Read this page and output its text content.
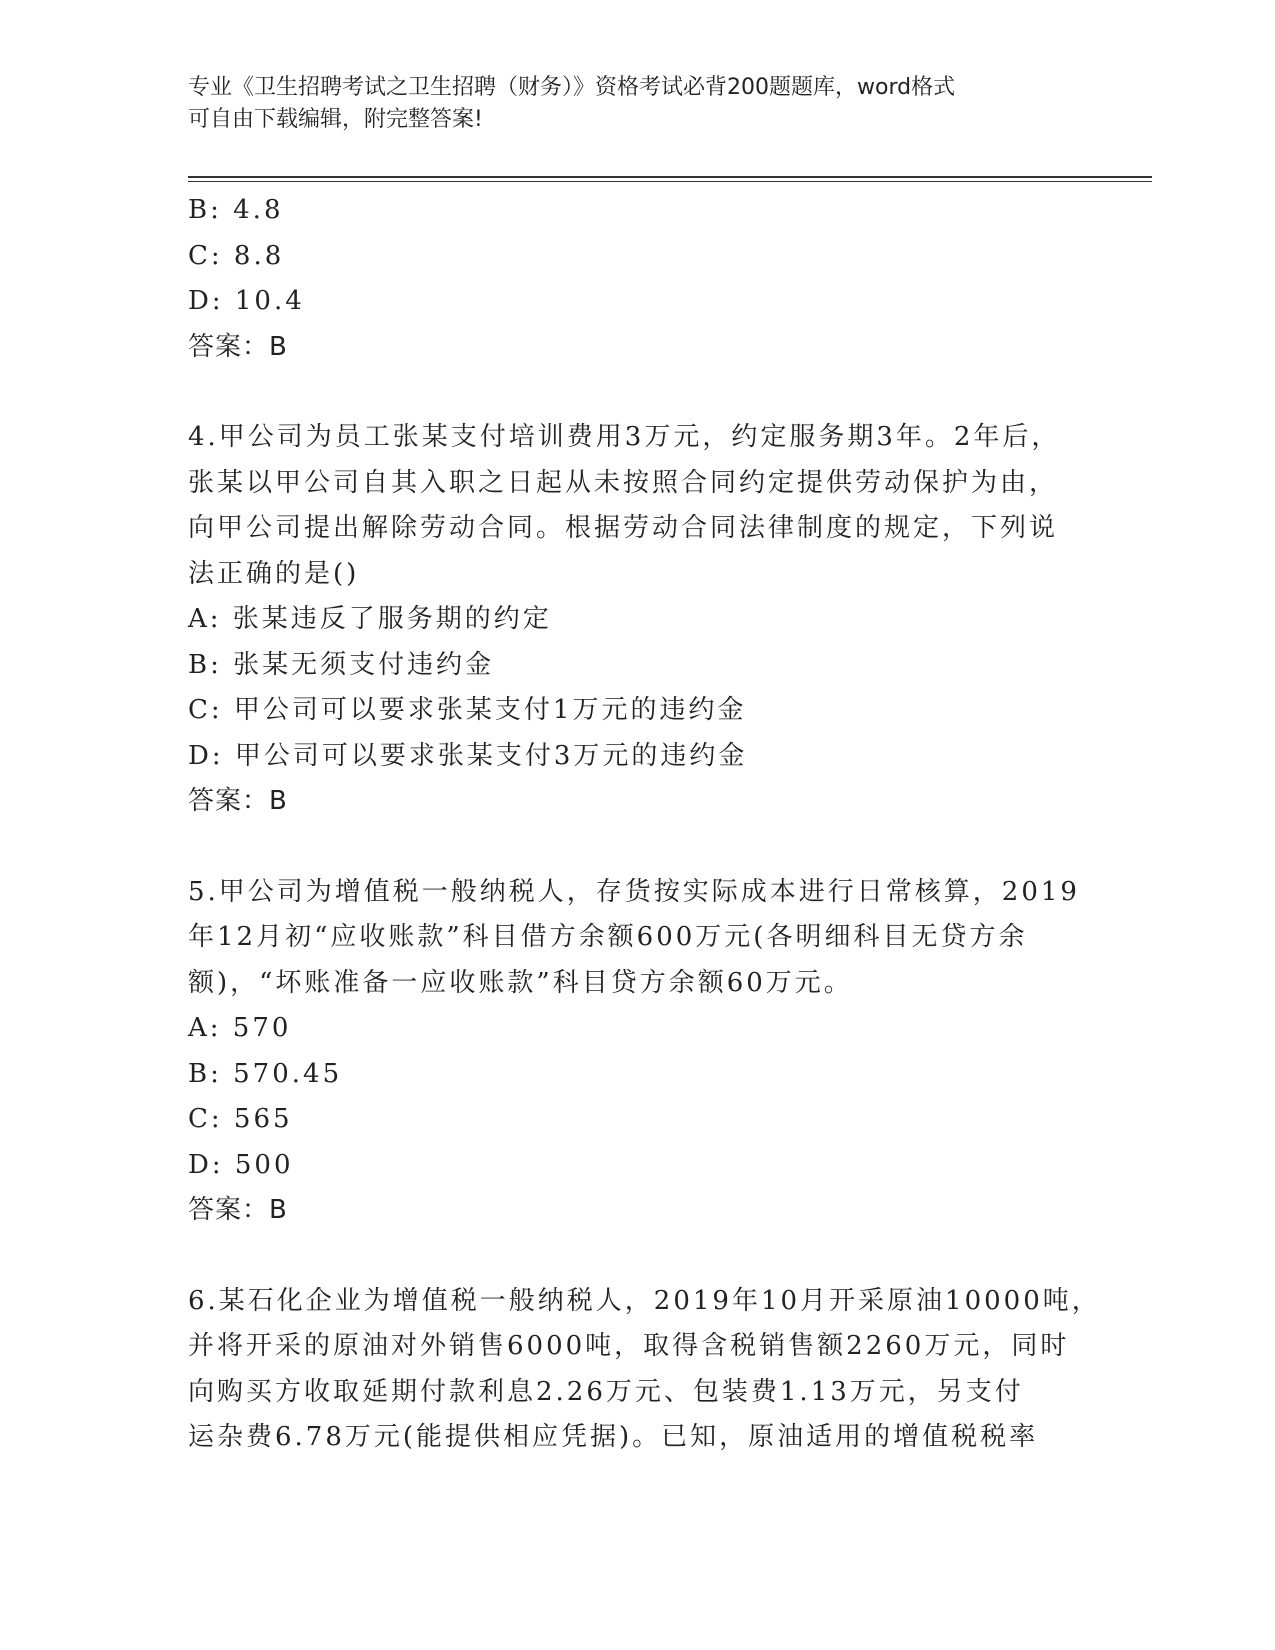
专业《卫生招聘考试之卫生招聘（财务）》资格考试必背200题题库，word格式
可自由下载编辑，附完整答案!
B: 4.8
C: 8.8
D: 10.4
答案：B
4.甲公司为员工张某支付培训费用3万元，约定服务期3年。2年后，
张某以甲公司自其入职之日起从未按照合同约定提供劳动保护为由，
向甲公司提出解除劳动合同。根据劳动合同法律制度的规定，下列说
法正确的是()
A: 张某违反了服务期的约定
B: 张某无须支付违约金
C: 甲公司可以要求张某支付1万元的违约金
D: 甲公司可以要求张某支付3万元的违约金
答案：B
5.甲公司为增值税一般纳税人，存货按实际成本进行日常核算，2019
年12月初“应收账款”科目借方余额600万元(各明细科目无贷方余
额)，“坏账准备一应收账款”科目贷方余额60万元。
A: 570
B: 570.45
C: 565
D: 500
答案：B
6.某石化企业为增值税一般纳税人，2019年10月开采原油10000吨，
并将开采的原油对外销售6000吨，取得含税销售额2260万元，同时
向购买方收取延期付款利息2.26万元、包装费1.13万元，另支付
运杂费6.78万元(能提供相应凭据)。已知，原油适用的增值税税率
